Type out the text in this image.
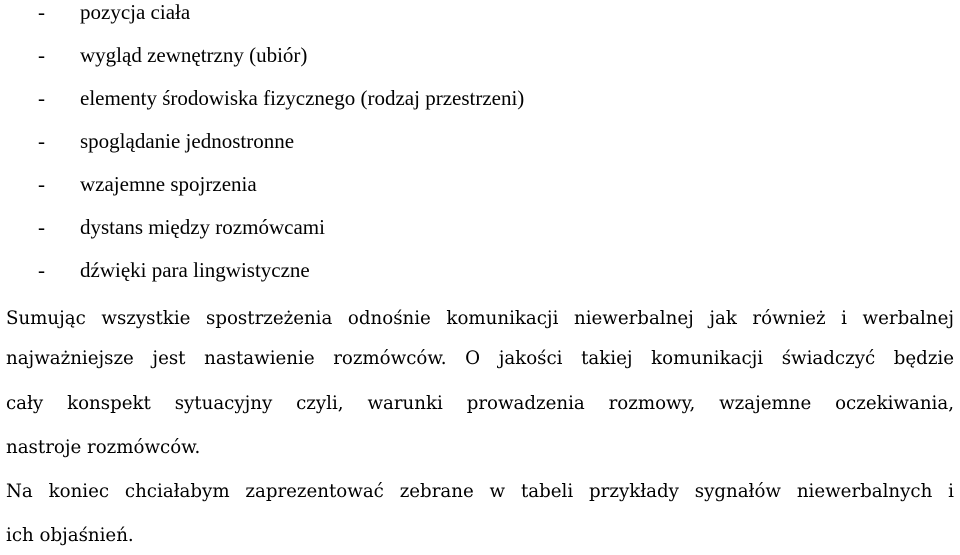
- pozycja ciała
- wygląd zewnętrzny (ubiór)
- elementy środowiska fizycznego (rodzaj przestrzeni)
- spoglądanie jednostronne
- wzajemne spojrzenia
- dystans między rozmówcami
- dźwięki para lingwistyczne
Sumując wszystkie spostrzeżenia odnośnie komunikacji niewerbalnej jak również i werbalnej
najważniejsze jest nastawienie rozmówców. O jakości takiej komunikacji świadczyć będzie
cały konspekt sytuacyjny czyli, warunki prowadzenia rozmowy, wzajemne oczekiwania,
nastroje rozmówców.
Na koniec chciałabym zaprezentować zebrane w tabeli przykłady sygnałów niewerbalnych i
ich objaśnień.
